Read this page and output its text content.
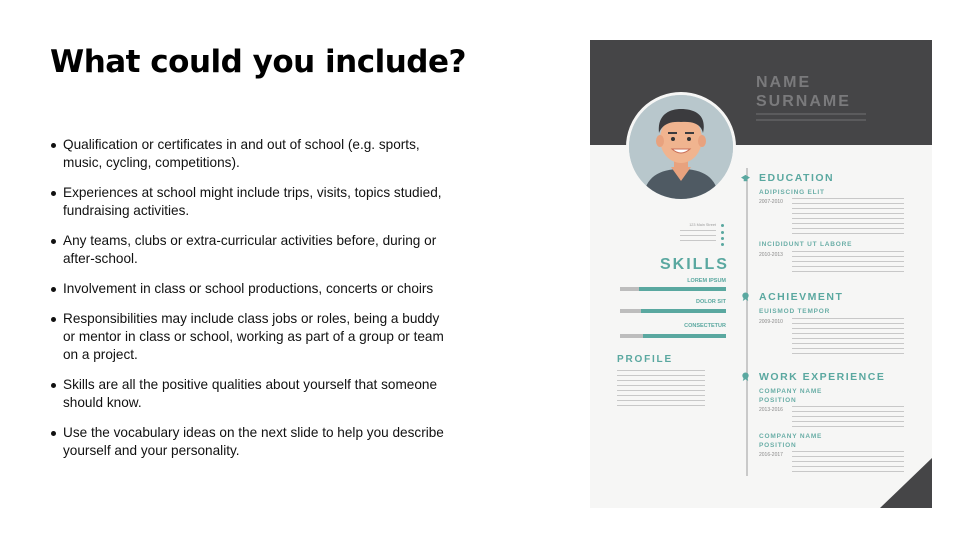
What could you include?
Qualification or certificates in and out of school (e.g. sports, music, cycling, competitions).
Experiences at school might include trips, visits, topics studied, fundraising activities.
Any teams, clubs or extra-curricular activities before, during or after-school.
Involvement in class or school productions, concerts or choirs
Responsibilities may include class jobs or roles, being a buddy or mentor in class or school, working as part of a group or team on a project.
Skills are all the positive qualities about yourself that someone should know.
Use the vocabulary ideas on the next slide to help you describe yourself and your personality.

NAME
SURNAME

123 Main Street
SKILLS
LOREM IPSUM
DOLOR SIT
CONSECTETUR
PROFILE
EDUCATION

ADIPISCING ELIT

2007-2010

INCIDIDUNT UT LABORE

2010-2013
ACHIEVMENT

EUISMOD TEMPOR

2009-2010
WORK EXPERIENCE

COMPANY NAME

POSITION

2013-2016

COMPANY NAME

POSITION

2016-2017
